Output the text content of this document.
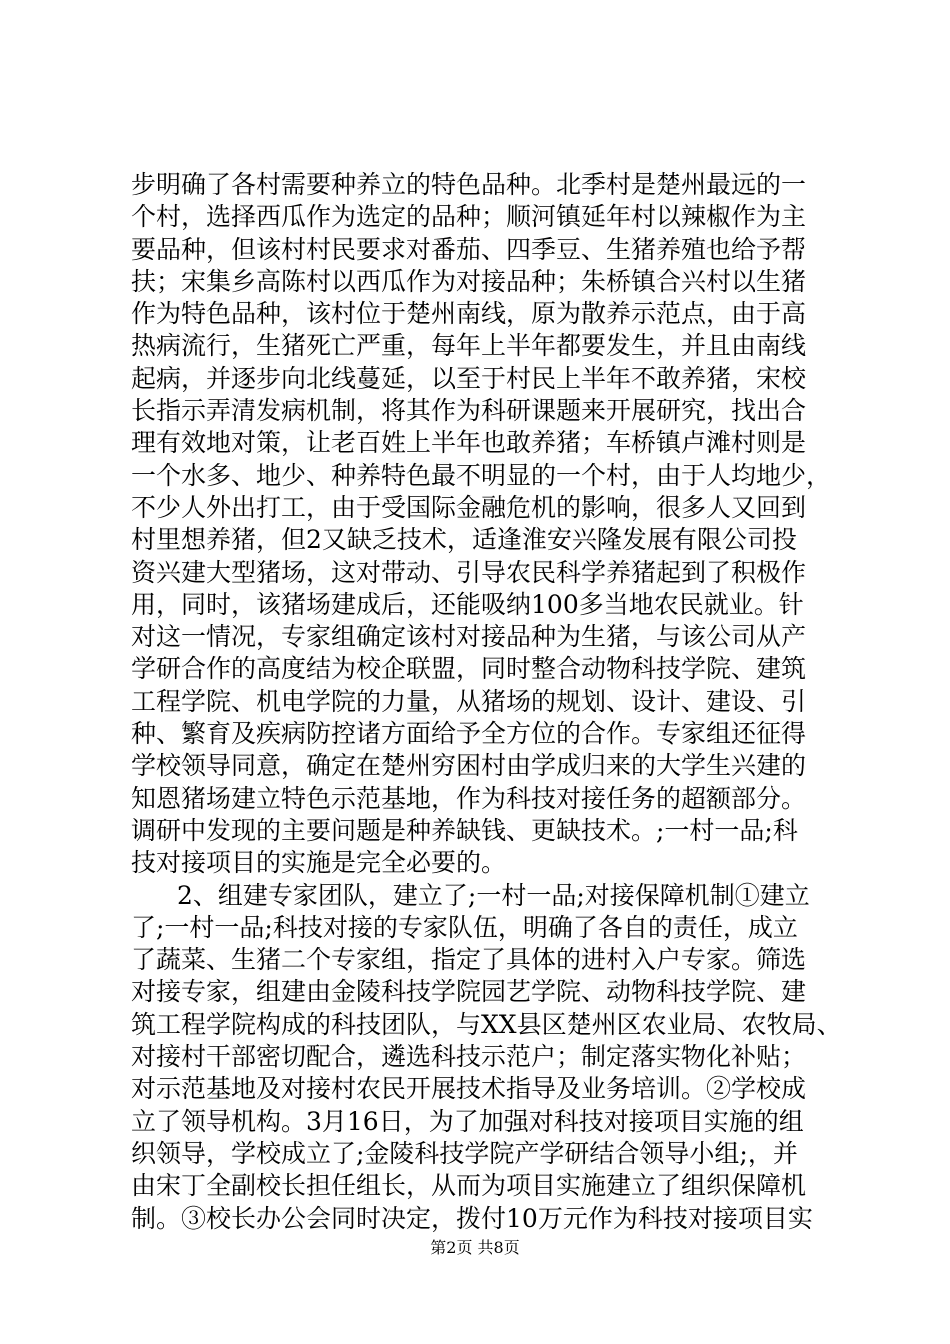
步明确了各村需要种养立的特色品种。北季村是楚州最远的一
个村，选择西瓜作为选定的品种；顺河镇延年村以辣椒作为主
要品种，但该村村民要求对番茄、四季豆、生猪养殖也给予帮
扶；宋集乡高陈村以西瓜作为对接品种；朱桥镇合兴村以生猪
作为特色品种，该村位于楚州南线，原为散养示范点，由于高
热病流行，生猪死亡严重，每年上半年都要发生，并且由南线
起病，并逐步向北线蔓延，以至于村民上半年不敢养猪，宋校
长指示弄清发病机制，将其作为科研课题来开展研究，找出合
理有效地对策，让老百姓上半年也敢养猪；车桥镇卢滩村则是
一个水多、地少、种养特色最不明显的一个村，由于人均地少，
不少人外出打工，由于受国际金融危机的影响，很多人又回到
村里想养猪，但2又缺乏技术，适逢淮安兴隆发展有限公司投
资兴建大型猪场，这对带动、引导农民科学养猪起到了积极作
用，同时，该猪场建成后，还能吸纳100多当地农民就业。针
对这一情况，专家组确定该村对接品种为生猪，与该公司从产
学研合作的高度结为校企联盟，同时整合动物科技学院、建筑
工程学院、机电学院的力量，从猪场的规划、设计、建设、引
种、繁育及疾病防控诸方面给予全方位的合作。专家组还征得
学校领导同意，确定在楚州穷困村由学成归来的大学生兴建的
知恩猪场建立特色示范基地，作为科技对接任务的超额部分。
调研中发现的主要问题是种养缺钱、更缺技术。;一村一品;科
技对接项目的实施是完全必要的。
2、组建专家团队，建立了;一村一品;对接保障机制①建立
了;一村一品;科技对接的专家队伍，明确了各自的责任，成立
了蔬菜、生猪二个专家组，指定了具体的进村入户专家。筛选
对接专家，组建由金陵科技学院园艺学院、动物科技学院、建
筑工程学院构成的科技团队，与XX县区楚州区农业局、农牧局、
对接村干部密切配合，遴选科技示范户；制定落实物化补贴；
对示范基地及对接村农民开展技术指导及业务培训。②学校成
立了领导机构。3月16日，为了加强对科技对接项目实施的组
织领导，学校成立了;金陵科技学院产学研结合领导小组;，并
由宋丁全副校长担任组长，从而为项目实施建立了组织保障机
制。③校长办公会同时决定，拨付10万元作为科技对接项目实
第2页 共8页
